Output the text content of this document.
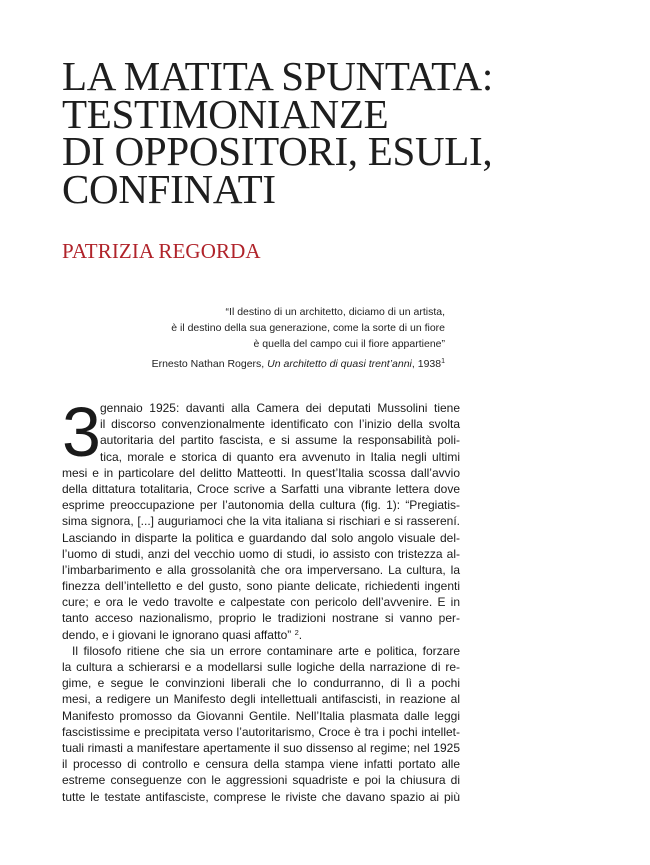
LA MATITA SPUNTATA:
TESTIMONIANZE
DI OPPOSITORI, ESULI,
CONFINATI
PATRIZIA REGORDA
“Il destino di un architetto, diciamo di un artista,
è il destino della sua generazione, come la sorte di un fiore
è quella del campo cui il fiore appartiene”
Ernesto Nathan Rogers, Un architetto di quasi trent’anni, 1938$^1$
3 gennaio 1925: davanti alla Camera dei deputati Mussolini tiene
il discorso convenzionalmente identificato con l’inizio della svolta
autoritaria del partito fascista, e si assume la responsabilità poli-
tica, morale e storica di quanto era avvenuto in Italia negli ultimi
mesi e in particolare del delitto Matteotti. In quest’Italia scossa dall’avvio
della dittatura totalitaria, Croce scrive a Sarfatti una vibrante lettera dove
esprime preoccupazione per l’autonomia della cultura (fig. 1): “Pregiatis-
sima signora, [...] auguriamoci che la vita italiana si rischiari e si rasserení.
Lasciando in disparte la politica e guardando dal solo angolo visuale del-
l’uomo di studi, anzi del vecchio uomo di studi, io assisto con tristezza al-
l’imbarbarimento e alla grossolanità che ora imperversano. La cultura, la
finezza dell’intelletto e del gusto, sono piante delicate, richiedenti ingenti
cure; e ora le vedo travolte e calpestate con pericolo dell’avvenire. E in
tanto acceso nazionalismo, proprio le tradizioni nostrane si vanno per-
dendo, e i giovani le ignorano quasi affatto” $^2$.
Il filosofo ritiene che sia un errore contaminare arte e politica, forzare
la cultura a schierarsi e a modellarsi sulle logiche della narrazione di re-
gime, e segue le convinzioni liberali che lo condurranno, di lì a pochi
mesi, a redigere un Manifesto degli intellettuali antifascisti, in reazione al
Manifesto promosso da Giovanni Gentile. Nell’Italia plasmata dalle leggi
fascistissime e precipitata verso l’autoritarismo, Croce è tra i pochi intellet-
tuali rimasti a manifestare apertamente il suo dissenso al regime; nel 1925
il processo di controllo e censura della stampa viene infatti portato alle
estreme conseguenze con le aggressioni squadriste e poi la chiusura di
tutte le testate antifasciste, comprese le riviste che davano spazio ai più
